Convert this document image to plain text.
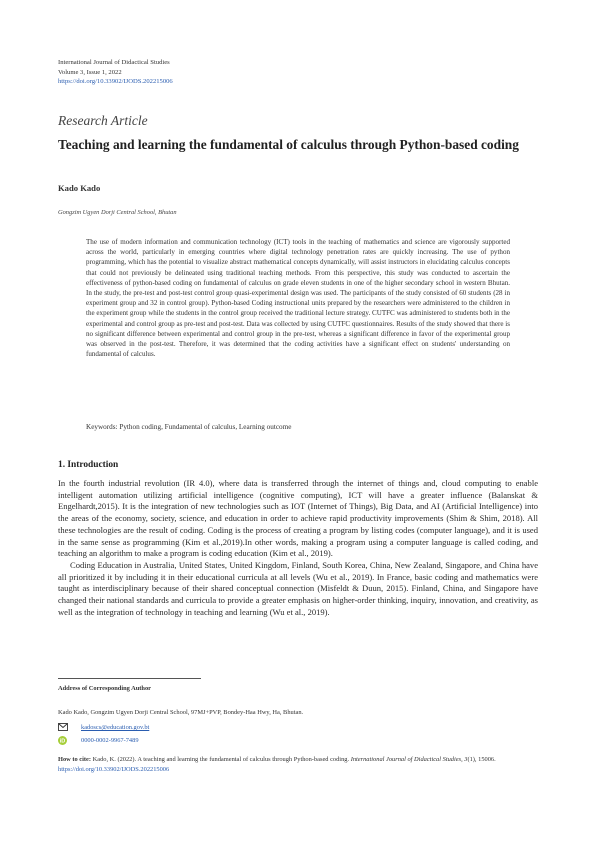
International Journal of Didactical Studies
Volume 3, Issue 1, 2022
https://doi.org/10.33902/IJODS.202215006
Research Article
Teaching and learning the fundamental of calculus through Python-based coding
Kado Kado
Gongzim Ugyen Dorji Central School, Bhutan
The use of modern information and communication technology (ICT) tools in the teaching of mathematics and science are vigorously supported across the world, particularly in emerging countries where digital technology penetration rates are quickly increasing. The use of python programming, which has the potential to visualize abstract mathematical concepts dynamically, will assist instructors in elucidating calculus concepts that could not previously be delineated using traditional teaching methods. From this perspective, this study was conducted to ascertain the effectiveness of python-based coding on fundamental of calculus on grade eleven students in one of the higher secondary school in western Bhutan. In the study, the pre-test and post-test control group quasi-experimental design was used. The participants of the study consisted of 60 students (28 in experiment group and 32 in control group). Python-based Coding instructional units prepared by the researchers were administered to the children in the experiment group while the students in the control group received the traditional lecture strategy. CUTFC was administered to students both in the experimental and control group as pre-test and post-test. Data was collected by using CUTFC questionnaires. Results of the study showed that there is no significant difference between experimental and control group in the pre-test, whereas a significant difference in favor of the experimental group was observed in the post-test. Therefore, it was determined that the coding activities have a significant effect on students' understanding on fundamental of calculus.
Keywords: Python coding, Fundamental of calculus, Learning outcome
1. Introduction

In the fourth industrial revolution (IR 4.0), where data is transferred through the internet of things and, cloud computing to enable intelligent automation utilizing artificial intelligence (cognitive computing), ICT will have a greater influence (Balanskat & Engelhardt,2015). It is the integration of new technologies such as IOT (Internet of Things), Big Data, and AI (Artificial Intelligence) into the areas of the economy, society, science, and education in order to achieve rapid productivity improvements (Shim & Shim, 2018). All these technologies are the result of coding. Coding is the process of creating a program by listing codes (computer language), and it is used in the same sense as programming (Kim et al.,2019).In other words, making a program using a computer language is called coding, and teaching an algorithm to make a program is coding education (Kim et al., 2019).

Coding Education in Australia, United States, United Kingdom, Finland, South Korea, China, New Zealand, Singapore, and China have all prioritized it by including it in their educational curricula at all levels (Wu et al., 2019). In France, basic coding and mathematics were taught as interdisciplinary because of their shared conceptual connection (Misfeldt & Duun, 2015). Finland, China, and Singapore have changed their national standards and curricula to provide a greater emphasis on higher-order thinking, inquiry, innovation, and creativity, as well as the integration of technology in teaching and learning (Wu et al., 2019).

Address of Corresponding Author
Kado Kado, Gongzim Ugyen Dorji Central School, 97MJ+PVP, Bondey-Haa Hwy, Ha, Bhutan.
kadoscs@education.gov.bt
iD 0000-0002-9967-7489
How to cite: Kado, K. (2022). A teaching and learning the fundamental of calculus through Python-based coding. International Journal of Didactical Studies, 3(1), 15006. https://doi.org/10.33902/IJODS.202215006
